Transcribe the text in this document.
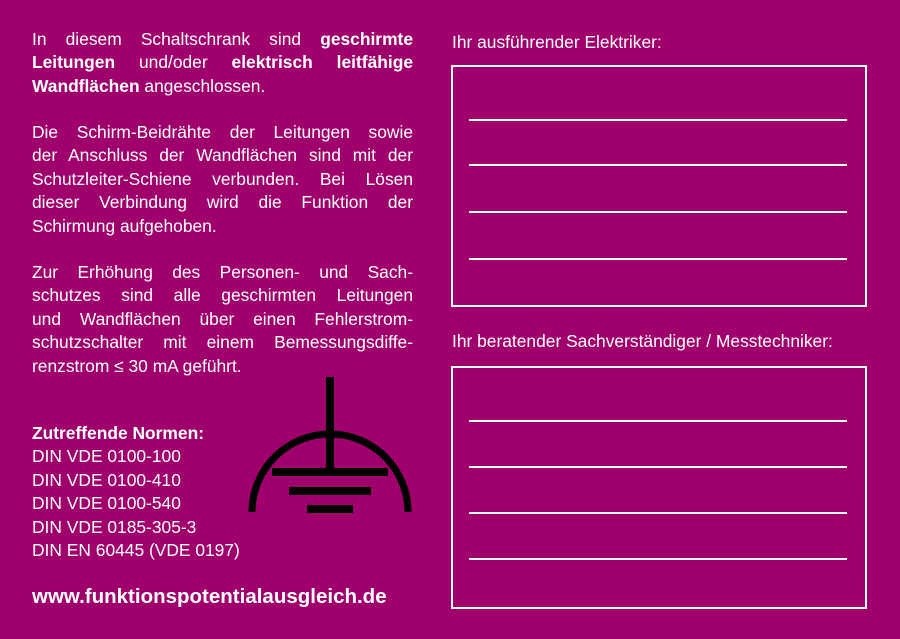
In diesem Schaltschrank sind geschirmte
Leitungen und/oder elektrisch leitfähige
Wandflächen angeschlossen.
Die Schirm-Beidrähte der Leitungen sowie
der Anschluss der Wandflächen sind mit der
Schutzleiter-Schiene verbunden. Bei Lösen
dieser Verbindung wird die Funktion der
Schirmung aufgehoben.
Zur Erhöhung des Personen- und Sach-
schutzes sind alle geschirmten Leitungen
und Wandflächen über einen Fehlerstrom-
schutzschalter mit einem Bemessungsdiffe-
renzstrom ≤ 30 mA geführt.
Zutreffende Normen:
DIN VDE 0100-100
DIN VDE 0100-410
DIN VDE 0100-540
DIN VDE 0185-305-3
DIN EN 60445 (VDE 0197)
www.funktionspotentialausgleich.de
Ihr ausführender Elektriker:
Ihr beratender Sachverständiger / Messtechniker:
